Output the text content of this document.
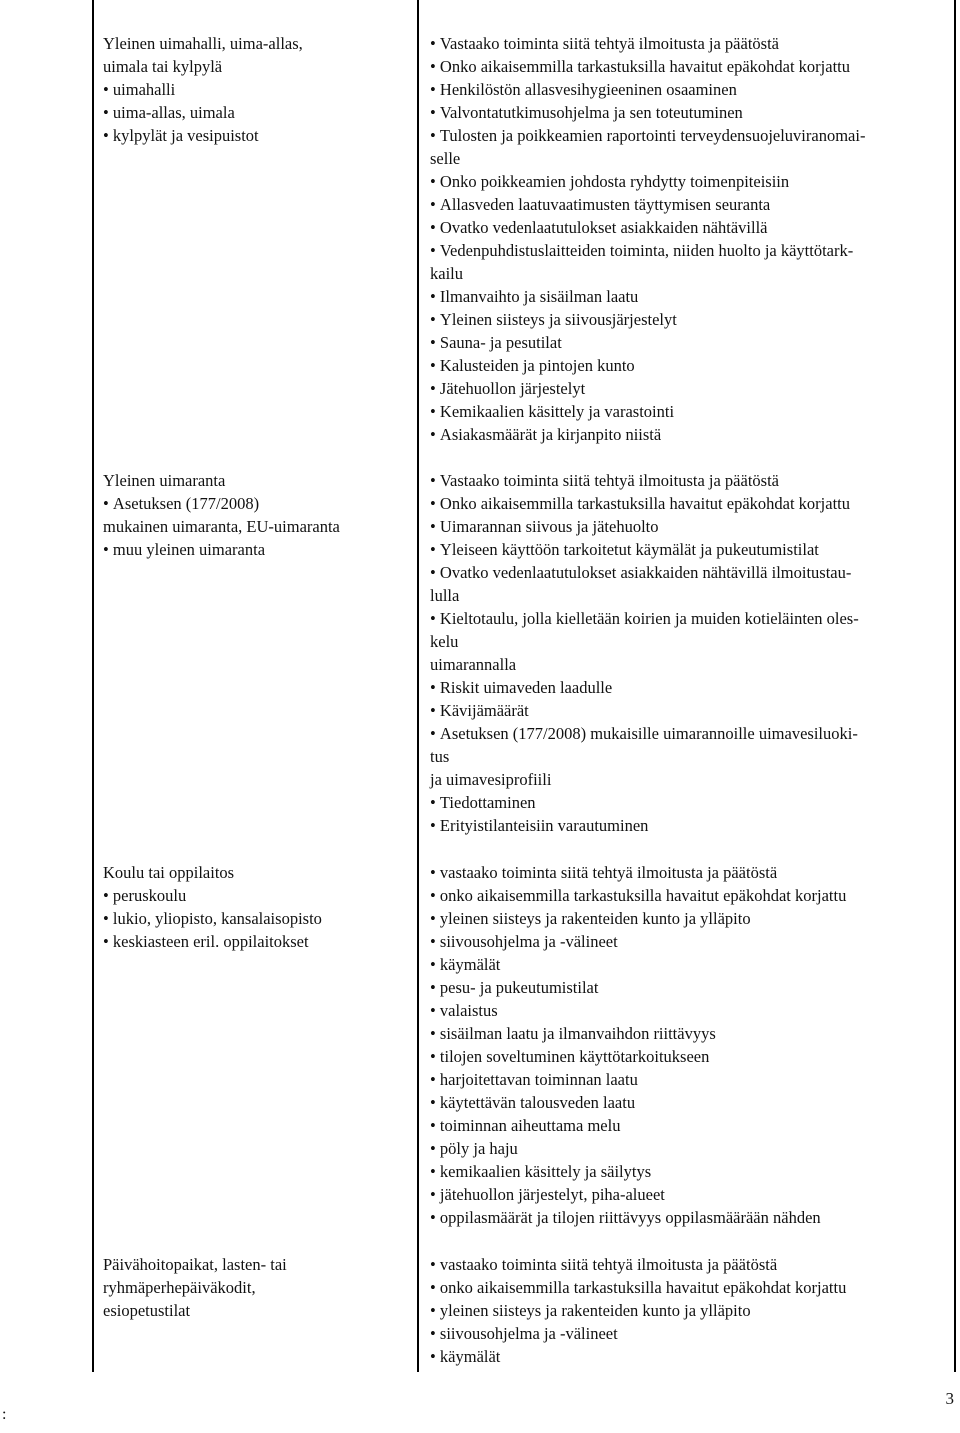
Yleinen uimahalli, uima-allas,
uimala tai kylpylä
• uimahalli
• uima-allas, uimala
• kylpylät ja vesipuistot
• Vastaako toiminta siitä tehtyä ilmoitusta ja päätöstä
• Onko aikaisemmilla tarkastuksilla havaitut epäkohdat korjattu
• Henkilöstön allasvesihygieeninen osaaminen
• Valvontatutkimusohjelma ja sen toteutuminen
• Tulosten ja poikkeamien raportointi terveydensuojeluviranomai-
selle
• Onko poikkeamien johdosta ryhdytty toimenpiteisiin
• Allasveden laatuvaatimusten täyttymisen seuranta
• Ovatko vedenlaatutulokset asiakkaiden nähtävillä
• Vedenpuhdistuslaitteiden toiminta, niiden huolto ja käyttötark-
kailu
• Ilmanvaihto ja sisäilman laatu
• Yleinen siisteys ja siivousjärjestelyt
• Sauna- ja pesutilat
• Kalusteiden ja pintojen kunto
• Jätehuollon järjestelyt
• Kemikaalien käsittely ja varastointi
• Asiakasmäärät ja kirjanpito niistä
Yleinen uimaranta
• Asetuksen (177/2008)
mukainen uimaranta, EU-uimaranta
• muu yleinen uimaranta
• Vastaako toiminta siitä tehtyä ilmoitusta ja päätöstä
• Onko aikaisemmilla tarkastuksilla havaitut epäkohdat korjattu
• Uimarannan siivous ja jätehuolto
• Yleiseen käyttöön tarkoitetut käymälät ja pukeutumistilat
• Ovatko vedenlaatutulokset asiakkaiden nähtävillä ilmoitustau-
lulla
• Kieltotaulu, jolla kielletään koirien ja muiden kotieläinten oles-
kelu
uimarannalla
• Riskit uimaveden laadulle
• Kävijämäärät
• Asetuksen (177/2008) mukaisille uimarannoille uimavesiluoki-
tus
ja uimavesiprofiili
• Tiedottaminen
• Erityistilanteisiin varautuminen
Koulu tai oppilaitos
• peruskoulu
• lukio, yliopisto, kansalaisopisto
• keskiasteen eril. oppilaitokset
• vastaako toiminta siitä tehtyä ilmoitusta ja päätöstä
• onko aikaisemmilla tarkastuksilla havaitut epäkohdat korjattu
• yleinen siisteys ja rakenteiden kunto ja ylläpito
• siivousohjelma ja -välineet
• käymälät
• pesu- ja pukeutumistilat
• valaistus
• sisäilman laatu ja ilmanvaihdon riittävyys
• tilojen soveltuminen käyttötarkoitukseen
• harjoitettavan toiminnan laatu
• käytettävän talousveden laatu
• toiminnan aiheuttama melu
• pöly ja haju
• kemikaalien käsittely ja säilytys
• jätehuollon järjestelyt, piha-alueet
• oppilasmäärät ja tilojen riittävyys oppilasmäärään nähden
Päivähoitopaikat, lasten- tai
ryhmäperhepäiväkodit,
esiopetustilat
• vastaako toiminta siitä tehtyä ilmoitusta ja päätöstä
• onko aikaisemmilla tarkastuksilla havaitut epäkohdat korjattu
• yleinen siisteys ja rakenteiden kunto ja ylläpito
• siivousohjelma ja -välineet
• käymälät
:
3
